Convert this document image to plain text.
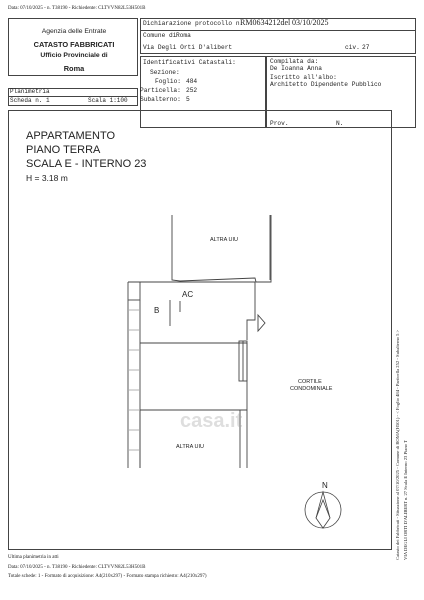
Data: 07/10/2025 - n. T38190 - Richiedente: CLTVVN82L53H501B
Agenzia delle Entrate
CATASTO FABBRICATI
Ufficio Provinciale di
Roma
Dichiarazione protocollo n.
RM0634212del 03/10/2025
Comune di Roma
Via Degli Orti D'alibert	civ. 27
Identificativi Catastali:
Sezione:
Foglio: 484
Particella: 252
Subalterno: 5
Compilata da:
De Ioanna Anna
Iscritto all'albo:
Architetto Dipendente Pubblico
Prov.	N.
Planimetria
Scheda n. 1	Scala 1:100
APPARTAMENTO
PIANO TERRA
SCALA E - INTERNO 23
H = 3.18 m
ALTRA UIU
AC
B
CORTILE
CONDOMINIALE
ALTRA UIU
N
casa.it	Catasto dei Fabbricati - Situazione al 07/10/2025 - Comune di ROMA(H501) - < Foglio 484 - Particella 252 - Subalterno 5 > VIA DEGLI ORTI D'ALIBERT n. 27 Scala E Interno 23 Piano T
Ultima planimetria in atti
Data: 07/10/2025 - n. T38190 - Richiedente: CLTVVN82L53H501B
Totale schede: 1 - Formato di acquisizione: A4(210x297) - Formato stampa richiesto: A4(210x297)
